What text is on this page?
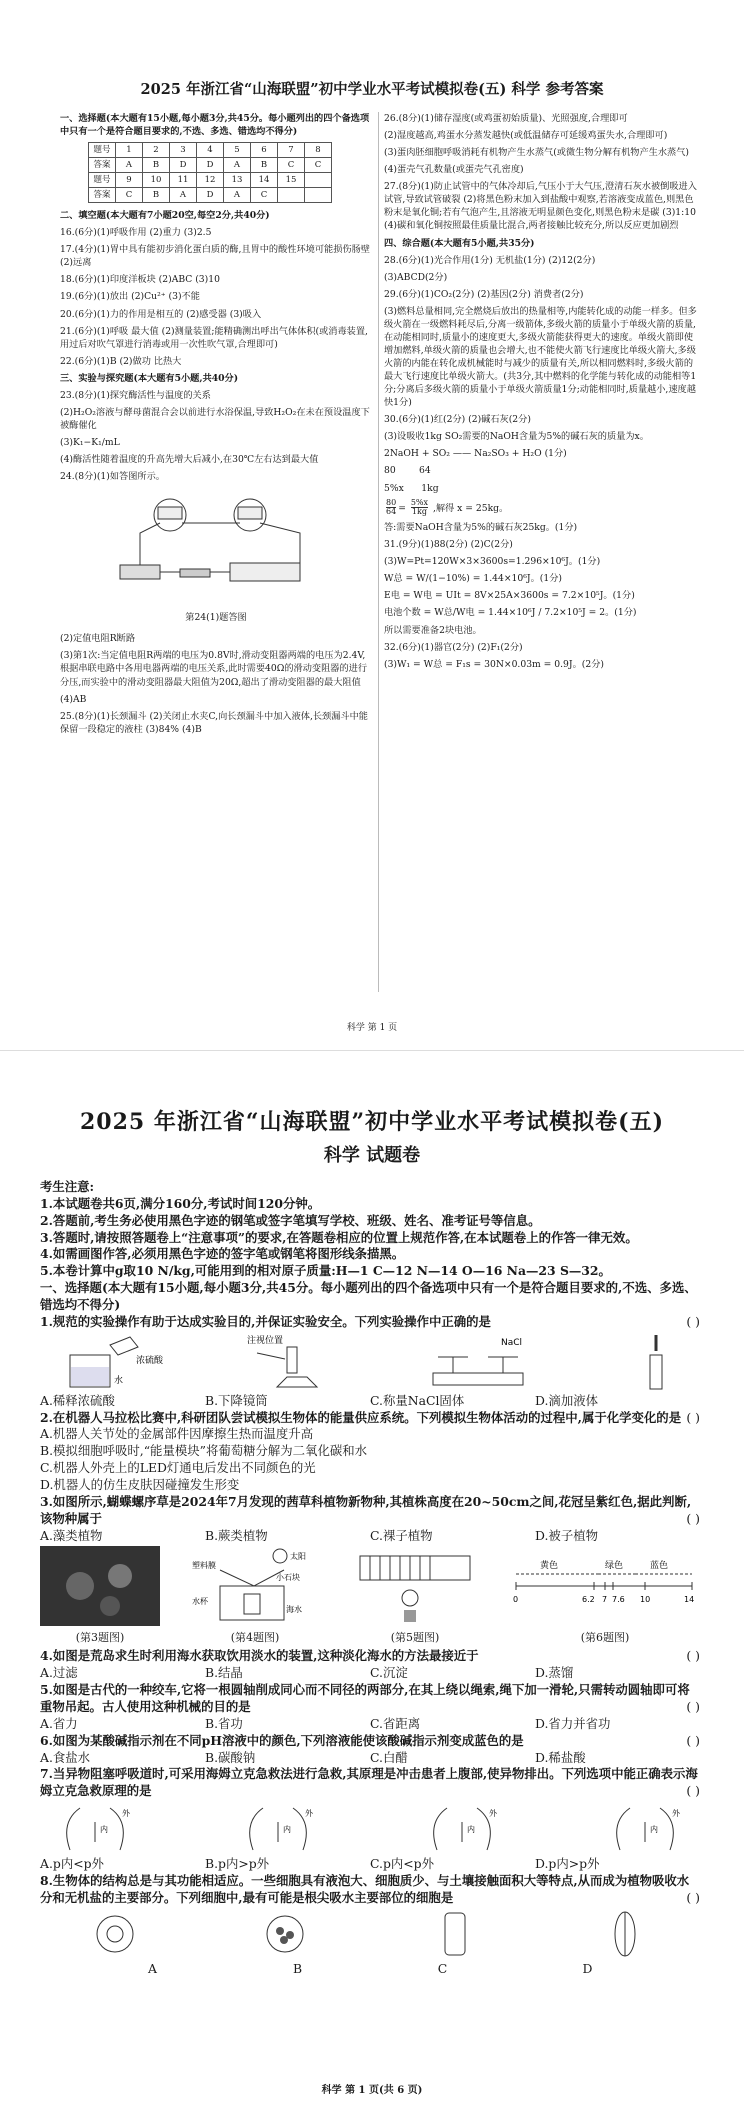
2025 年浙江省“山海联盟”初中学业水平考试模拟卷(五) 科学 参考答案

一、选择题(本大题有15小题,每小题3分,共45分。每小题列出的四个备选项中只有一个是符合题目要求的,不选、多选、错选均不得分)

题号	1	2	3	4	5	6	7	8
答案	A	B	D	D	A	B	C	C
题号	9	10	11	12	13	14	15	
答案	C	B	A	D	A	C		

二、填空题(本大题有7小题20空,每空2分,共40分)

16.(6分)(1)呼吸作用 (2)重力 (3)2.5

17.(4分)(1)胃中具有能初步消化蛋白质的酶,且胃中的酸性环境可能损伤肠壁 (2)远离

18.(6分)(1)印度洋板块 (2)ABC (3)10

19.(6分)(1)放出 (2)Cu²⁺ (3)不能

20.(6分)(1)力的作用是相互的 (2)感受器 (3)吸入

21.(6分)(1)呼吸 最大值 (2)测量装置;能精确测出呼出气体体积(或消毒装置,用过后对吹气罩进行消毒或用一次性吹气罩,合理即可)

22.(6分)(1)B (2)做功 比热大

三、实验与探究题(本大题有5小题,共40分)

23.(8分)(1)探究酶活性与温度的关系

(2)H₂O₂溶液与酵母菌混合会以前进行水浴保温,导致H₂O₂在未在预设温度下被酶催化

(3)K₁−K₁/mL

(4)酶活性随着温度的升高先增大后减小,在30℃左右达到最大值

24.(8分)(1)如答图所示。

第24(1)题答图

(2)定值电阻R断路

(3)第1次:当定值电阻R两端的电压为0.8V时,滑动变阻器两端的电压为2.4V,根据串联电路中各用电器两端的电压关系,此时需要40Ω的滑动变阻器的进行分压,而实验中的滑动变阻器最大阻值为20Ω,超出了滑动变阻器的最大阻值

(4)AB

25.(8分)(1)长颈漏斗 (2)关闭止水夹C,向长颈漏斗中加入液体,长颈漏斗中能保留一段稳定的液柱 (3)84% (4)B

26.(8分)(1)储存湿度(或鸡蛋初始质量)、光照强度,合理即可

(2)湿度越高,鸡蛋水分蒸发越快(或低温储存可延缓鸡蛋失水,合理即可)

(3)蛋肉胚细胞呼吸消耗有机物产生水蒸气(或微生物分解有机物产生水蒸气)

(4)蛋壳气孔数量(或蛋壳气孔密度)

27.(8分)(1)防止试管中的气体冷却后,气压小于大气压,澄清石灰水被倒吸进入试管,导致试管破裂 (2)将黑色粉末加入到盐酸中观察,若溶液变成蓝色,则黑色粉末是氧化铜;若有气泡产生,且溶液无明显颜色变化,则黑色粉末是碳 (3)1:10 (4)碳和氧化铜按照最佳质量比混合,两者接触比较充分,所以反应更加剧烈

四、综合题(本大题有5小题,共35分)

28.(6分)(1)光合作用(1分) 无机盐(1分) (2)12(2分)

(3)ABCD(2分)

29.(6分)(1)CO₂(2分) (2)基因(2分) 消费者(2分)

(3)燃料总量相同,完全燃烧后放出的热量相等,内能转化成的动能一样多。但多级火箭在一级燃料耗尽后,分离一级箭体,多级火箭的质量小于单级火箭的质量,在动能相同时,质量小的速度更大,多级火箭能获得更大的速度。单级火箭即使增加燃料,单级火箭的质量也会增大,也不能使火箭飞行速度比单级火箭大,多级火箭的内能在转化成机械能时与减少的质量有关,所以相同燃料时,多级火箭的最大飞行速度比单级火箭大。(共3分,其中燃料的化学能与转化成的动能相等1分;分离后多级火箭的质量小于单级火箭质量1分;动能相同时,质量越小,速度越快1分)

30.(6分)(1)红(2分) (2)碱石灰(2分)

(3)设吸收1kg SO₂需要的NaOH含量为5%的碱石灰的质量为x。

2NaOH + SO₂ —— Na₂SO₃ + H₂O (1分)

80        64

5%x      1kg

$\frac{80}{64} = \frac{5\%x}{1kg}$ ,解得 x = 25kg。

答:需要NaOH含量为5%的碱石灰25kg。(1分)

31.(9分)(1)88(2分) (2)C(2分)

(3)W=Pt=120W×3×3600s=1.296×10⁶J。(1分)

W总 = W/(1−10%) = 1.44×10⁶J。(1分)

E电 = W电 = UIt = 8V×25A×3600s = 7.2×10⁵J。(1分)

电池个数 = W总/W电 = 1.44×10⁶J / 7.2×10⁵J = 2。(1分)

所以需要准备2块电池。

32.(6分)(1)器官(2分) (2)F₁(2分)

(3)W₁ = W总 = F₁s = 30N×0.03m = 0.9J。(2分)

科学 第 1 页
2025 年浙江省“山海联盟”初中学业水平考试模拟卷(五)
科学 试题卷

考生注意:

1.本试题卷共6页,满分160分,考试时间120分钟。

2.答题前,考生务必使用黑色字迹的钢笔或签字笔填写学校、班级、姓名、准考证号等信息。

3.答题时,请按照答题卷上“注意事项”的要求,在答题卷相应的位置上规范作答,在本试题卷上的作答一律无效。

4.如需画图作答,必须用黑色字迹的签字笔或钢笔将图形线条描黑。

5.本卷计算中g取10 N/kg,可能用到的相对原子质量:H—1 C—12 N—14 O—16 Na—23 S—32。

一、选择题(本大题有15小题,每小题3分,共45分。每小题列出的四个备选项中只有一个是符合题目要求的,不选、多选、错选均不得分)

1.规范的实验操作有助于达成实验目的,并保证实验安全。下列实验操作中正确的是	( )

浓硫酸
水
注视位置	NaCl
A.稀释浓硫酸	B.下降镜筒	C.称量NaCl固体	D.滴加液体

2.在机器人马拉松比赛中,科研团队尝试模拟生物体的能量供应系统。下列模拟生物体活动的过程中,属于化学变化的是 ( )

A.机器人关节处的金属部件因摩擦生热而温度升高

B.模拟细胞呼吸时,“能量模块”将葡萄糖分解为二氧化碳和水

C.机器人外壳上的LED灯通电后发出不同颜色的光

D.机器人的仿生皮肤因碰撞发生形变

3.如图所示,蝴蝶螺序草是2024年7月发现的茜草科植物新物种,其植株高度在20~50cm之间,花冠呈紫红色,据此判断,该物种属于	( )

A.藻类植物	B.蕨类植物	C.裸子植物	D.被子植物
(第3题图)
太阳
塑料膜
小石块
水杯
海水
(第4题图)	(第5题图)
黄色	绿色	蓝色
0	6.2 7 7.6 10	14
(第6题图)

4.如图是荒岛求生时利用海水获取饮用淡水的装置,这种淡化海水的方法最接近于	( )

A.过滤	B.结晶	C.沉淀	D.蒸馏

5.如图是古代的一种绞车,它将一根圆轴削成同心而不同径的两部分,在其上绕以绳索,绳下加一滑轮,只需转动圆轴即可将重物吊起。古人使用这种机械的目的是	( )

A.省力	B.省功	C.省距离	D.省力并省功

6.如图为某酸碱指示剂在不同pH溶液中的颜色,下列溶液能使该酸碱指示剂变成蓝色的是	( )

A.食盐水	B.碳酸钠	C.白醋	D.稀盐酸

7.当异物阻塞呼吸道时,可采用海姆立克急救法进行急救,其原理是冲击患者上腹部,使异物排出。下列选项中能正确表示海姆立克急救原理的是	( )

内
外
内
外
内
外
内
外
A.p内<p外	B.p内>p外	C.p内<p外	D.p内>p外

8.生物体的结构总是与其功能相适应。一些细胞具有液泡大、细胞质少、与土壤接触面积大等特点,从而成为植物吸收水分和无机盐的主要部分。下列细胞中,最有可能是根尖吸水主要部位的细胞是	( )

A	B	C	D
科学 第 1 页(共 6 页)
